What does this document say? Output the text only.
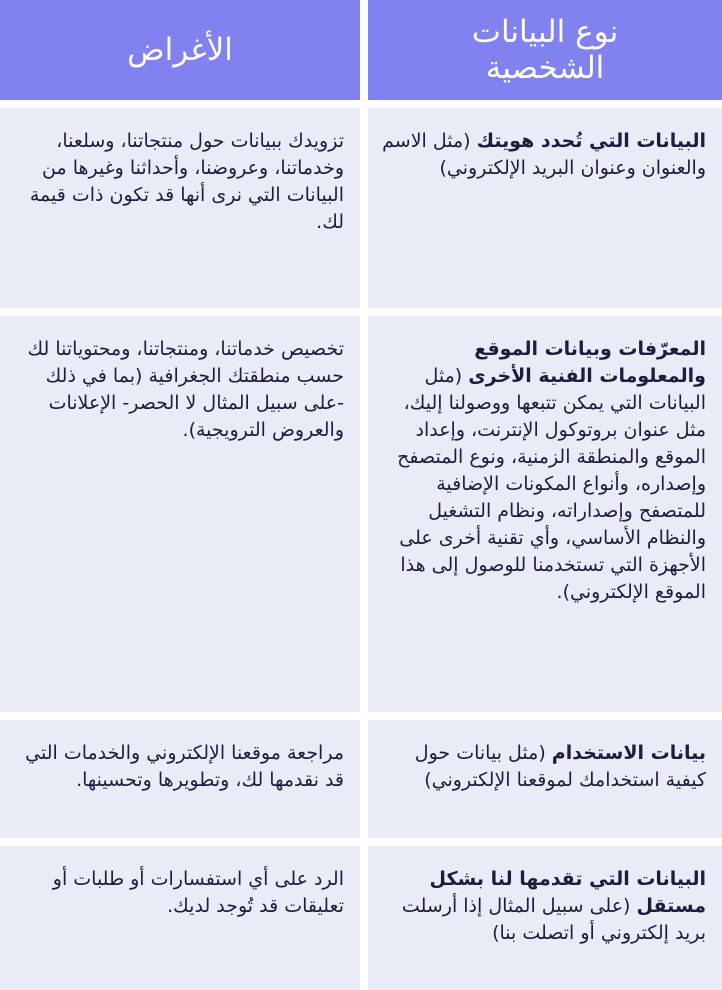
نوع البيانات الشخصية
الأغراض
البيانات التي تُحدد هويتك (مثل الاسم والعنوان وعنوان البريد الإلكتروني)
تزويدك ببيانات حول منتجاتنا، وسلعنا، وخدماتنا، وعروضنا، وأحداثنا وغيرها من البيانات التي نرى أنها قد تكون ذات قيمة لك.
المعرّفات وبيانات الموقع والمعلومات الفنية الأخرى (مثل البيانات التي يمكن تتبعها ووصولنا إليك، مثل عنوان بروتوكول الإنترنت، وإعداد الموقع والمنطقة الزمنية، ونوع المتصفح وإصداره، وأنواع المكونات الإضافية للمتصفح وإصداراته، ونظام التشغيل والنظام الأساسي، وأي تقنية أخرى على الأجهزة التي تستخدمنا للوصول إلى هذا الموقع الإلكتروني).
تخصيص خدماتنا، ومنتجاتنا، ومحتوياتنا لك حسب منطقتك الجغرافية (بما في ذلك -على سبيل المثال لا الحصر- الإعلانات والعروض الترويجية).
بيانات الاستخدام (مثل بيانات حول كيفية استخدامك لموقعنا الإلكتروني)
مراجعة موقعنا الإلكتروني والخدمات التي قد نقدمها لك، وتطويرها وتحسينها.
البيانات التي تقدمها لنا بشكل مستقل (على سبيل المثال إذا أرسلت بريد إلكتروني أو اتصلت بنا)
الرد على أي استفسارات أو طلبات أو تعليقات قد تُوجد لديك.
